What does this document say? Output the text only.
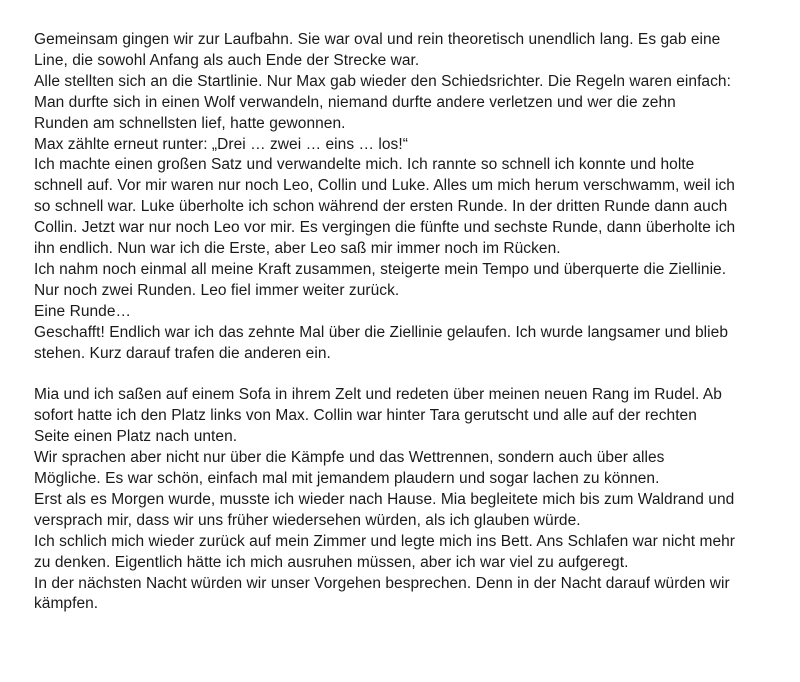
Gemeinsam gingen wir zur Laufbahn. Sie war oval und rein theoretisch unendlich lang. Es gab eine
Line, die sowohl Anfang als auch Ende der Strecke war.
Alle stellten sich an die Startlinie. Nur Max gab wieder den Schiedsrichter. Die Regeln waren einfach:
Man durfte sich in einen Wolf verwandeln, niemand durfte andere verletzen und wer die zehn
Runden am schnellsten lief, hatte gewonnen.
Max zählte erneut runter: „Drei … zwei … eins … los!“
Ich machte einen großen Satz und verwandelte mich. Ich rannte so schnell ich konnte und holte
schnell auf. Vor mir waren nur noch Leo, Collin und Luke. Alles um mich herum verschwamm, weil ich
so schnell war. Luke überholte ich schon während der ersten Runde. In der dritten Runde dann auch
Collin. Jetzt war nur noch Leo vor mir. Es vergingen die fünfte und sechste Runde, dann überholte ich
ihn endlich. Nun war ich die Erste, aber Leo saß mir immer noch im Rücken.
Ich nahm noch einmal all meine Kraft zusammen, steigerte mein Tempo und überquerte die Ziellinie.
Nur noch zwei Runden. Leo fiel immer weiter zurück.
Eine Runde…
Geschafft! Endlich war ich das zehnte Mal über die Ziellinie gelaufen. Ich wurde langsamer und blieb
stehen. Kurz darauf trafen die anderen ein.
Mia und ich saßen auf einem Sofa in ihrem Zelt und redeten über meinen neuen Rang im Rudel. Ab
sofort hatte ich den Platz links von Max. Collin war hinter Tara gerutscht und alle auf der rechten
Seite einen Platz nach unten.
Wir sprachen aber nicht nur über die Kämpfe und das Wettrennen, sondern auch über alles
Mögliche. Es war schön, einfach mal mit jemandem plaudern und sogar lachen zu können.
Erst als es Morgen wurde, musste ich wieder nach Hause. Mia begleitete mich bis zum Waldrand und
versprach mir, dass wir uns früher wiedersehen würden, als ich glauben würde.
Ich schlich mich wieder zurück auf mein Zimmer und legte mich ins Bett. Ans Schlafen war nicht mehr
zu denken. Eigentlich hätte ich mich ausruhen müssen, aber ich war viel zu aufgeregt.
In der nächsten Nacht würden wir unser Vorgehen besprechen. Denn in der Nacht darauf würden wir
kämpfen.
